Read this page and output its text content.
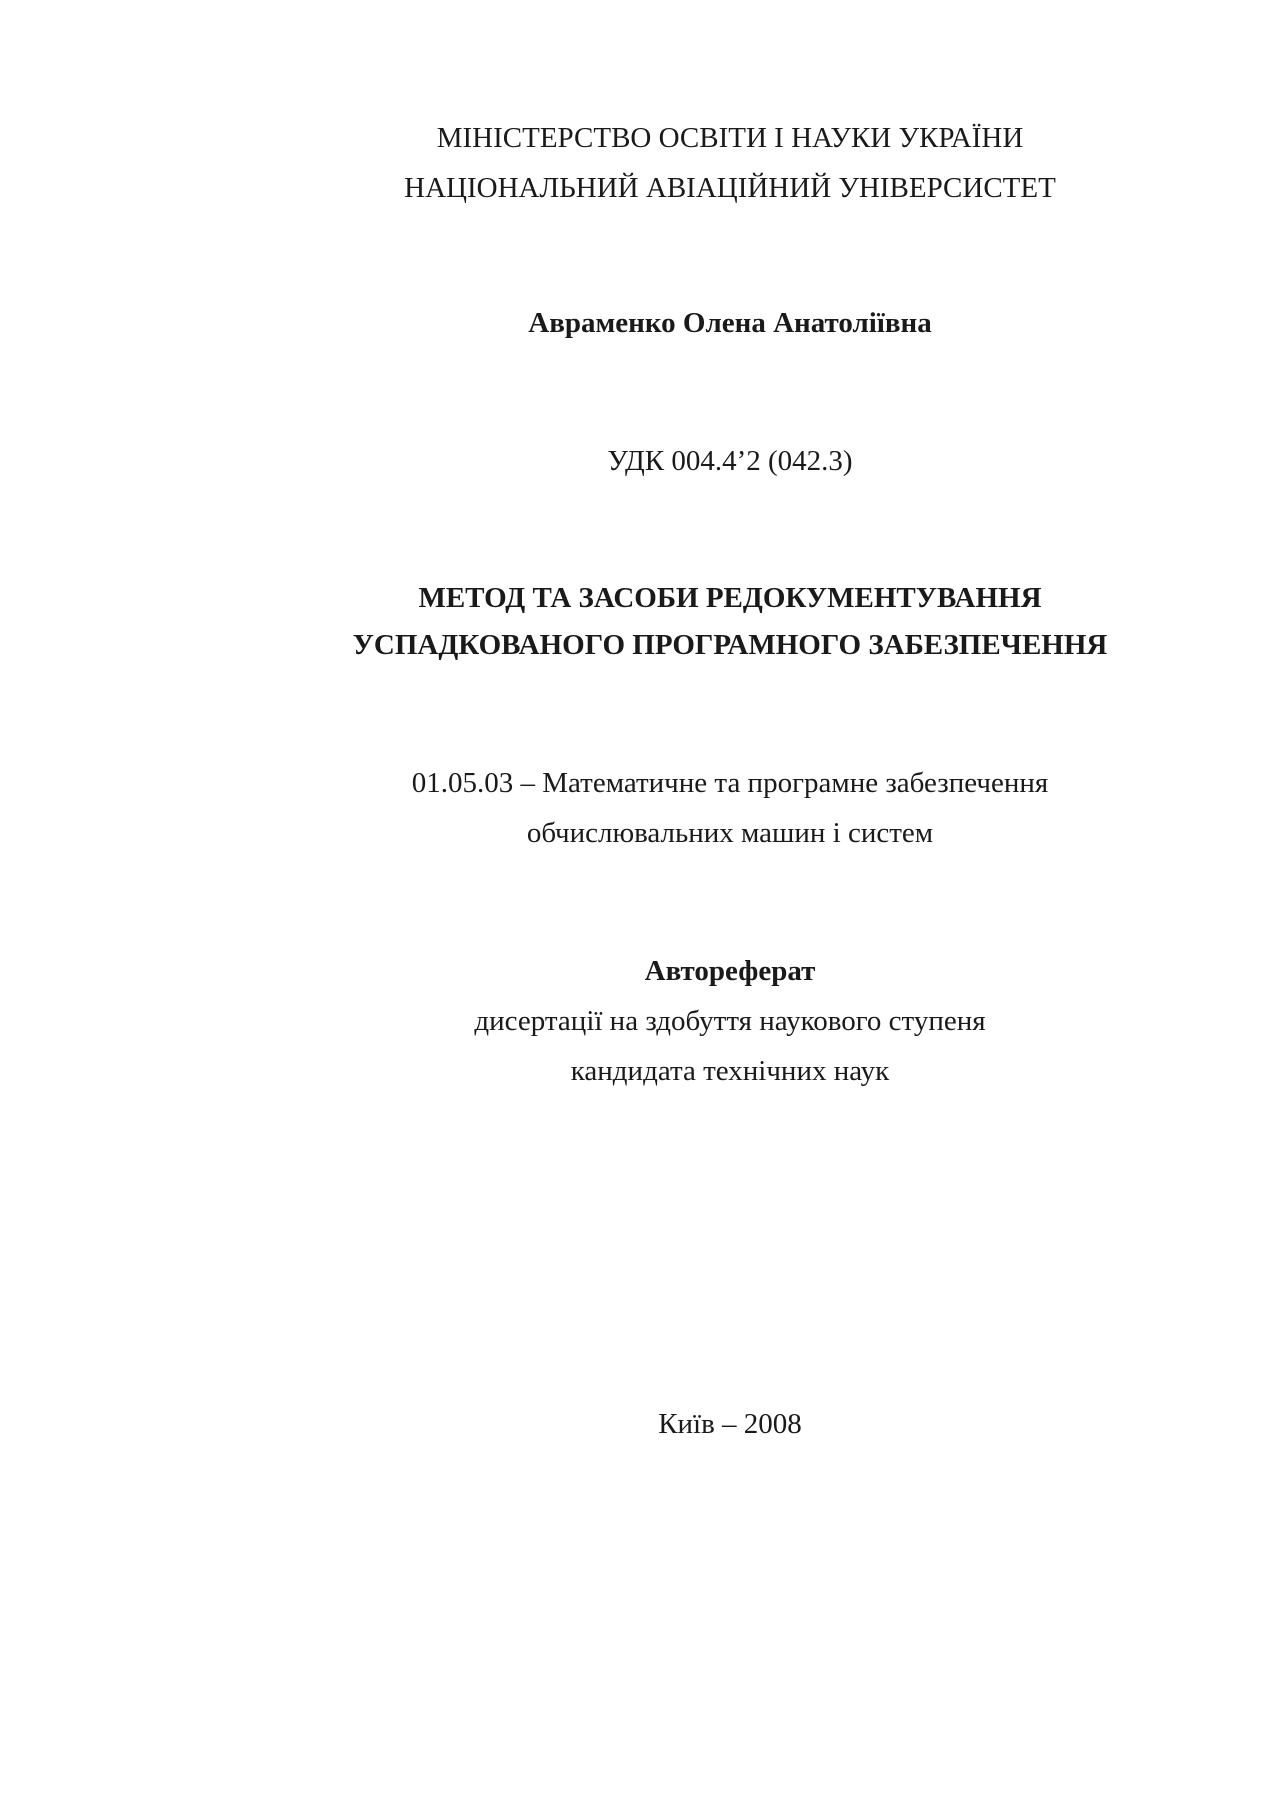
МІНІСТЕРСТВО ОСВІТИ І НАУКИ УКРАЇНИ
НАЦІОНАЛЬНИЙ АВІАЦІЙНИЙ УНІВЕРСИСТЕТ
Авраменко Олена Анатоліївна
УДК 004.4’2 (042.3)
МЕТОД ТА ЗАСОБИ РЕДОКУМЕНТУВАННЯ
УСПАДКОВАНОГО ПРОГРАМНОГО ЗАБЕЗПЕЧЕННЯ
01.05.03 – Математичне та програмне забезпечення
обчислювальних машин і систем
Автореферат
дисертації на здобуття наукового ступеня
кандидата технічних наук
Київ – 2008
